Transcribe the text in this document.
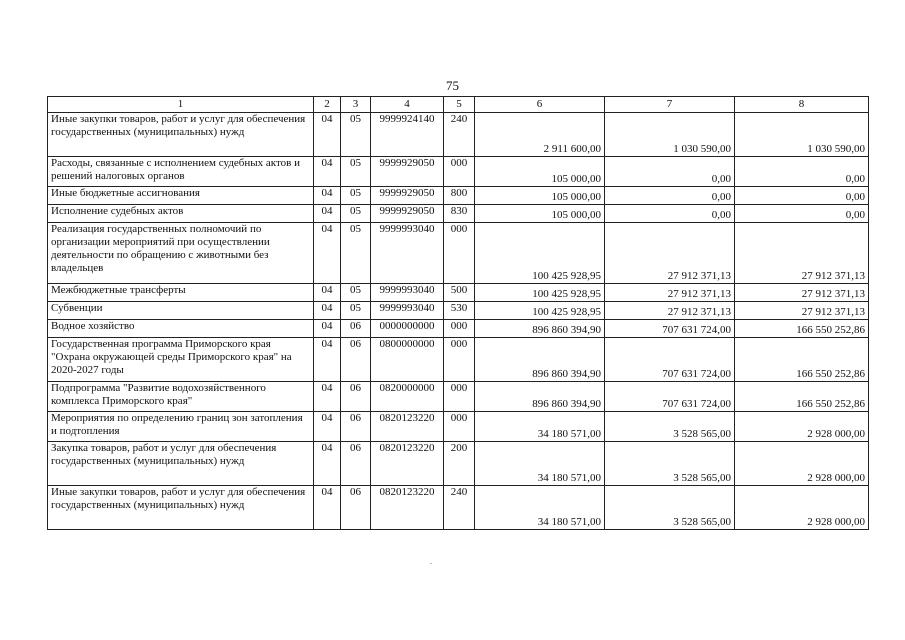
75
1	2	3	4	5	6	7	8
Иные закупки товаров, работ и услуг для обеспечения государственных (муниципальных) нужд	04	05	9999924140	240	2 911 600,00	1 030 590,00	1 030 590,00
Расходы, связанные с исполнением судебных актов и решений налоговых органов	04	05	9999929050	000	105 000,00	0,00	0,00
Иные бюджетные ассигнования	04	05	9999929050	800	105 000,00	0,00	0,00
Исполнение судебных актов	04	05	9999929050	830	105 000,00	0,00	0,00
Реализация государственных полномочий по организации мероприятий при осуществлении деятельности по обращению с животными без владельцев	04	05	9999993040	000	100 425 928,95	27 912 371,13	27 912 371,13
Межбюджетные трансферты	04	05	9999993040	500	100 425 928,95	27 912 371,13	27 912 371,13
Субвенции	04	05	9999993040	530	100 425 928,95	27 912 371,13	27 912 371,13
Водное хозяйство	04	06	0000000000	000	896 860 394,90	707 631 724,00	166 550 252,86
Государственная программа Приморского края "Охрана окружающей среды Приморского края" на 2020-2027 годы	04	06	0800000000	000	896 860 394,90	707 631 724,00	166 550 252,86
Подпрограмма "Развитие водохозяйственного комплекса Приморского края"	04	06	0820000000	000	896 860 394,90	707 631 724,00	166 550 252,86
Мероприятия по определению границ зон затопления и подтопления	04	06	0820123220	000	34 180 571,00	3 528 565,00	2 928 000,00
Закупка товаров, работ и услуг для обеспечения государственных (муниципальных) нужд	04	06	0820123220	200	34 180 571,00	3 528 565,00	2 928 000,00
Иные закупки товаров, работ и услуг для обеспечения государственных (муниципальных) нужд	04	06	0820123220	240	34 180 571,00	3 528 565,00	2 928 000,00
